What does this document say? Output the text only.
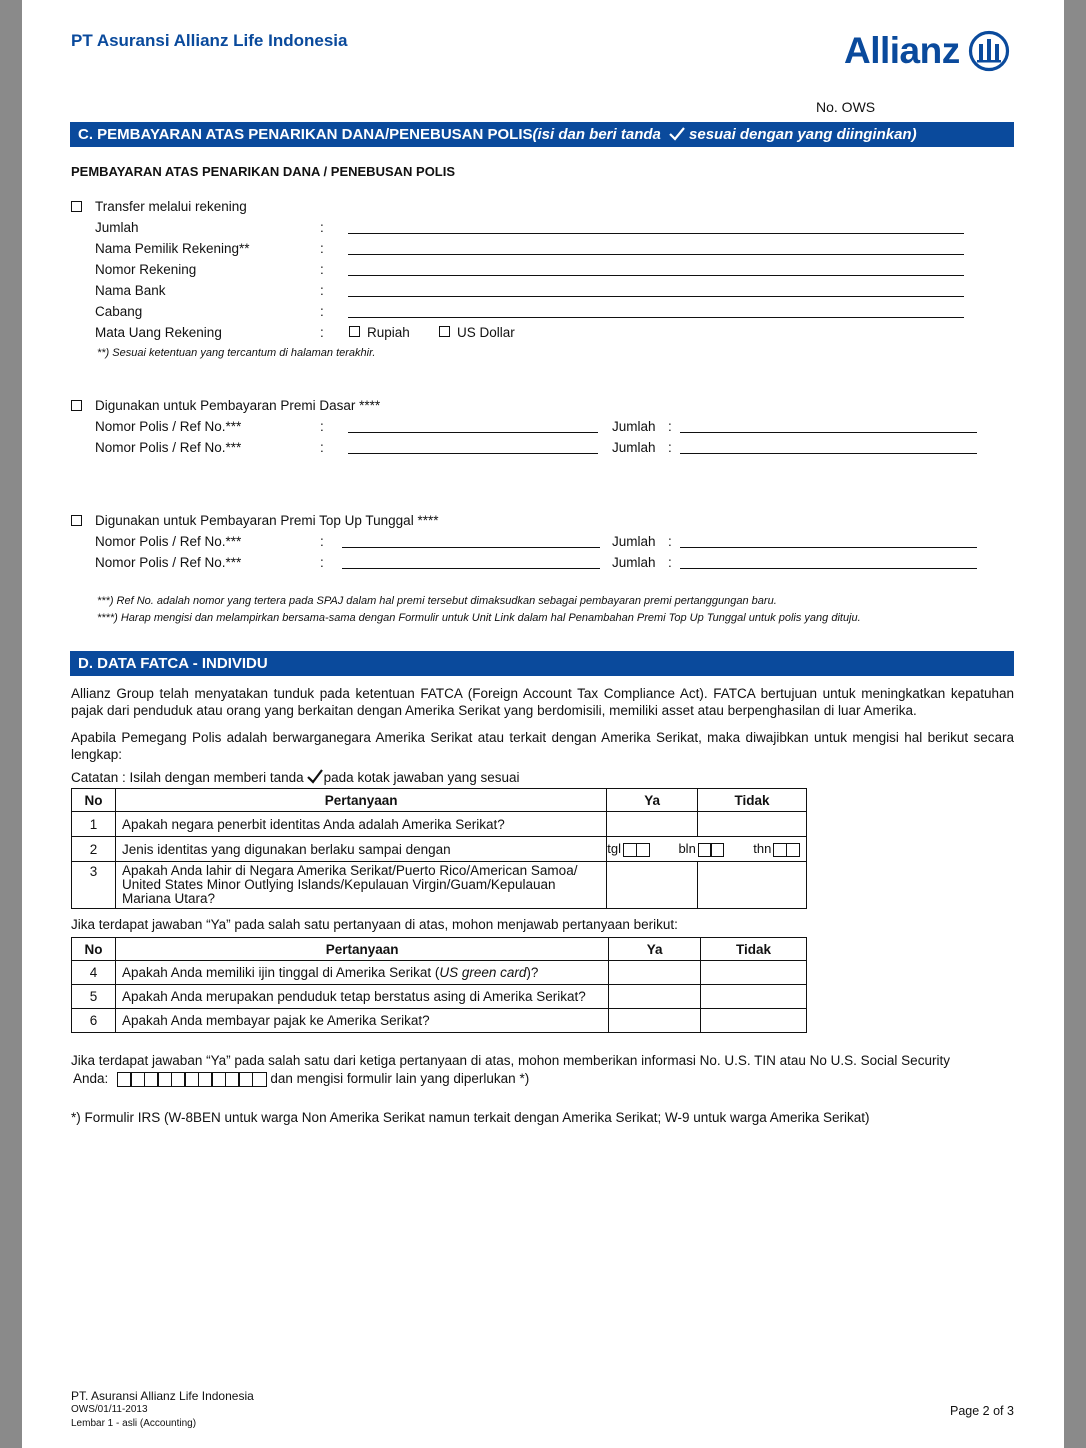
PT Asuransi Allianz Life Indonesia	Allianz
No. OWS
C. PEMBAYARAN ATAS PENARIKAN DANA/PENEBUSAN POLIS(isi dan beri tanda sesuai dengan yang diinginkan)
PEMBAYARAN ATAS PENARIKAN DANA / PENEBUSAN POLIS
Transfer melalui rekening
Jumlah	:
Nama Pemilik Rekening**	:
Nomor Rekening	:
Nama Bank	:
Cabang	:
Mata Uang Rekening	:	Rupiah	US Dollar
**) Sesuai ketentuan yang tercantum di halaman terakhir.
Digunakan untuk Pembayaran Premi Dasar ****
Nomor Polis / Ref No.***	:	Jumlah :
Nomor Polis / Ref No.***	:	Jumlah :
Digunakan untuk Pembayaran Premi Top Up Tunggal ****
Nomor Polis / Ref No.***	:	Jumlah :
Nomor Polis / Ref No.***	:	Jumlah :
***) Ref No. adalah nomor yang tertera pada SPAJ dalam hal premi tersebut dimaksudkan sebagai pembayaran premi pertanggungan baru.
****) Harap mengisi dan melampirkan bersama-sama dengan Formulir untuk Unit Link dalam hal Penambahan Premi Top Up Tunggal untuk polis yang dituju.
D. DATA FATCA - INDIVIDU
Allianz Group telah menyatakan tunduk pada ketentuan FATCA (Foreign Account Tax Compliance Act). FATCA bertujuan untuk meningkatkan kepatuhan pajak dari penduduk atau orang yang berkaitan dengan Amerika Serikat yang berdomisili, memiliki asset atau berpenghasilan di luar Amerika.
Apabila Pemegang Polis adalah berwarganegara Amerika Serikat atau terkait dengan Amerika Serikat, maka diwajibkan untuk mengisi hal berikut secara lengkap:
Catatan : Isilah dengan memberi tanda pada kotak jawaban yang sesuai
No	Pertanyaan	Ya	Tidak
1	Apakah negara penerbit identitas Anda adalah Amerika Serikat?		
2	Jenis identitas yang digunakan berlaku sampai dengan	tgl bln thn	

3	Apakah Anda lahir di Negara Amerika Serikat/Puerto Rico/American Samoa/ United States Minor Outlying Islands/Kepulauan Virgin/Guam/Kepulauan Mariana Utara?		
Jika terdapat jawaban “Ya” pada salah satu pertanyaan di atas, mohon menjawab pertanyaan berikut:
No	Pertanyaan	Ya	Tidak
4	Apakah Anda memiliki ijin tinggal di Amerika Serikat (US green card)?		
5	Apakah Anda merupakan penduduk tetap berstatus asing di Amerika Serikat?		
6	Apakah Anda membayar pajak ke Amerika Serikat?		
Jika terdapat jawaban “Ya” pada salah satu dari ketiga pertanyaan di atas, mohon memberikan informasi No. U.S. TIN atau No U.S. Social Security
Anda:	dan mengisi formulir lain yang diperlukan *)
*) Formulir IRS (W-8BEN untuk warga Non Amerika Serikat namun terkait dengan Amerika Serikat; W-9 untuk warga Amerika Serikat)
PT. Asuransi Allianz Life Indonesia
OWS/01/11-2013
Lembar 1 - asli (Accounting)
Page 2 of 3
